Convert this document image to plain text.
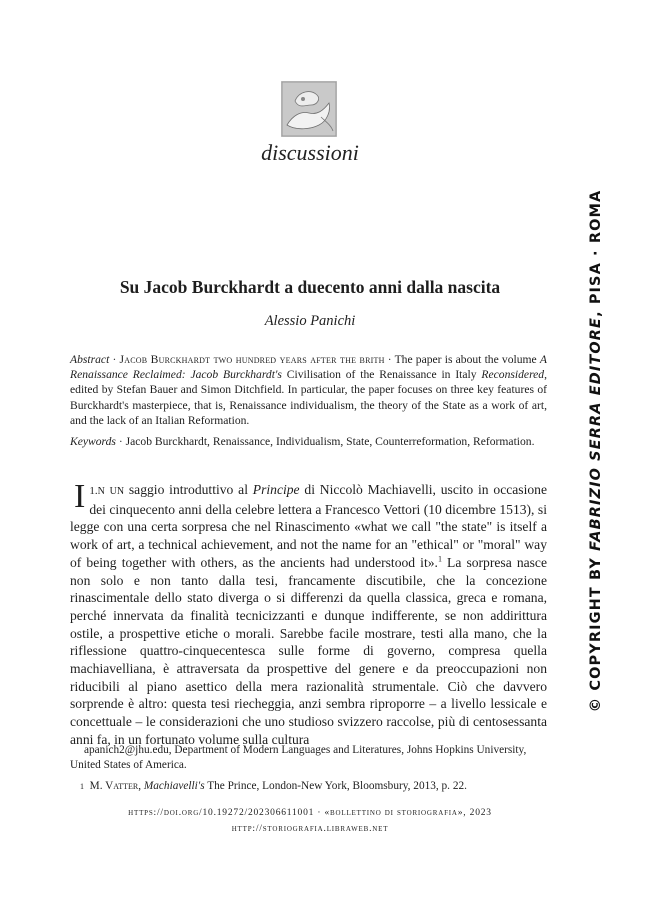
discussioni
Su Jacob Burckhardt a duecento anni dalla nascita
Alessio Panichi
Abstract · Jacob Burckhardt two hundred years after the brith · The paper is about the volume A Renaissance Reclaimed: Jacob Burckhardt's Civilisation of the Renaissance in Italy Reconsidered, edited by Stefan Bauer and Simon Ditchfield. In particular, the paper focuses on three key features of Burckhardt's masterpiece, that is, Renaissance individualism, the theory of the State as a work of art, and the lack of an Italian Reformation.
Keywords · Jacob Burckhardt, Renaissance, Individualism, State, Counterreformation, Reformation.

1.
I n un saggio introduttivo al Principe di Niccolò Machiavelli, uscito in occasione dei cinquecento anni della celebre lettera a Francesco Vettori (10 dicembre 1513), si legge con una certa sorpresa che nel Rinascimento «what we call "the state" is itself a work of art, a technical achievement, and not the name for an "ethical" or "moral" way of being together with others, as the ancients had understood it».$^1$ La sorpresa nasce non solo e non tanto dalla tesi, francamente discutibile, che la concezione rinascimentale dello stato diverga o si differenzi da quella classica, greca e romana, perché innervata da finalità tecnicizzanti e dunque indifferente, se non addirittura ostile, a prospettive etiche o morali. Sarebbe facile mostrare, testi alla mano, che la riflessione quattro-cinquecentesca sulle forme di governo, compresa quella machiavelliana, è attraversata da prospettive del genere e da preoccupazioni non riducibili al piano asettico della mera razionalità strumentale. Ciò che davvero sorprende è altro: questa tesi riecheggia, anzi sembra riproporre – a livello lessicale e concettuale – le considerazioni che uno studioso svizzero raccolse, più di centosessanta anni fa, in un fortunato volume sulla cultura

apanich2@jhu.edu, Department of Modern Languages and Literatures, Johns Hopkins University, United States of America.

$^1$ M. Vatter, Machiavelli's The Prince, London-New York, Bloomsbury, 2013, p. 22.

https://doi.org/10.19272/202306611001 · «bollettino di storiografia», 2023
http://storiografia.libraweb.net
© COPYRIGHT BY FABRIZIO SERRA EDITORE, PISA · ROMA
